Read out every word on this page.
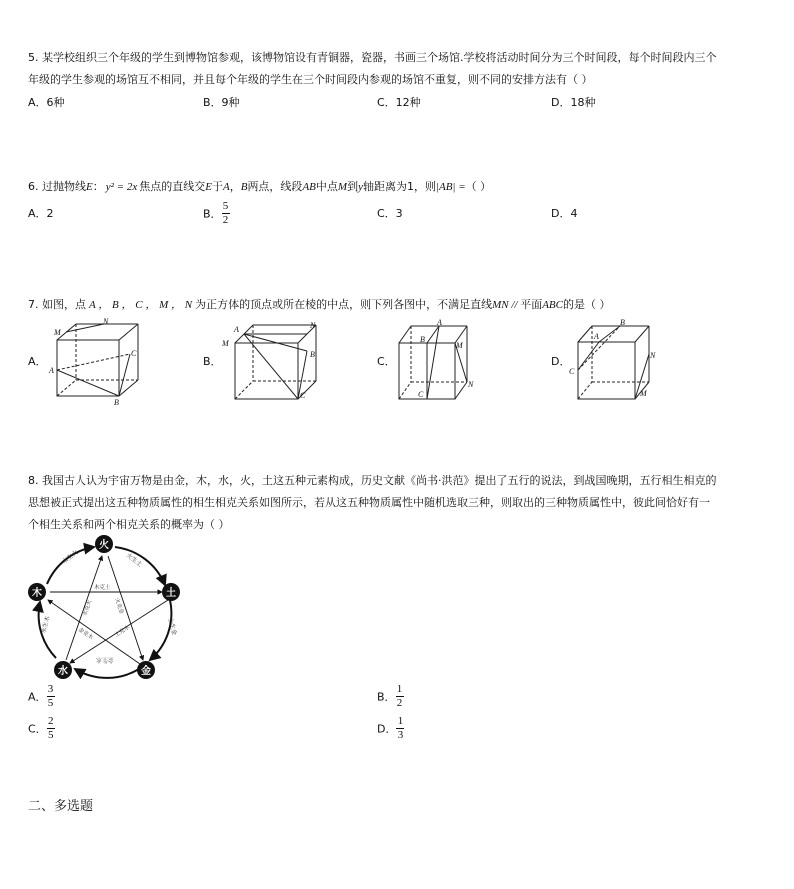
5. 某学校组织三个年级的学生到博物馆参观，该博物馆设有青铜器，瓷器，书画三个场馆.学校将活动时间分为三个时间段，每个时间段内三个
年级的学生参观的场馆互不相同，并且每个年级的学生在三个时间段内参观的场馆不重复，则不同的安排方法有（ ）
A．6种	B．9种	C．12种	D．18种
6. 过抛物线E： y² = 2x 焦点的直线交E于A，B两点，线段AB中点M到y轴距离为1，则|AB| =（ ）
A．2	B． $\frac{5}{2}$	C．3	D．4
7. 如图，点 A ， B ， C ， M ， N 为正方体的顶点或所在棱的中点，则下列各图中，不满足直线MN // 平面ABC的是（ ）
A．	B．	C．	D．
M
N
C
A
B
A
M
N
B
C
A
B
M
N
C
A
B
C
N
M
8. 我国古人认为宇宙万物是由金，木，水，火，土这五种元素构成，历史文献《尚书·洪范》提出了五行的说法，到战国晚期，五行相生相克的
思想被正式提出这五种物质属性的相生相克关系如图所示，若从这五种物质属性中随机选取三种，则取出的三种物质属性中，彼此间恰好有一
个相生关系和两个相克关系的概率为（ ）
火
土
金
水
木
木生火	火生土
土生金
金生水
水生木
木克土
土克水
水克火	火克金
金克木
A． $\frac{3}{5}$	B． $\frac{1}{2}$
C． $\frac{2}{5}$	D． $\frac{1}{3}$
二、多选题
